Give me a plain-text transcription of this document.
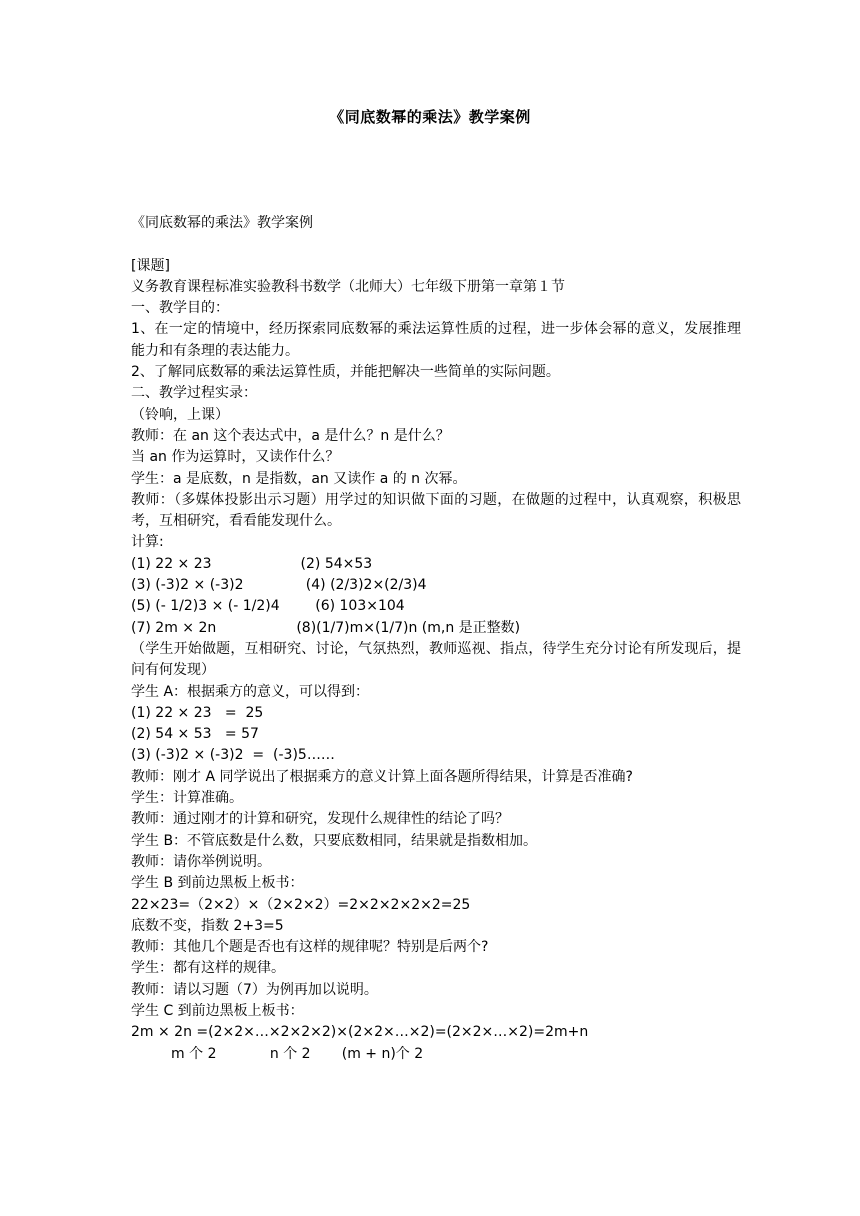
《同底数幂的乘法》教学案例
《同底数幂的乘法》教学案例
[课题]
义务教育课程标准实验教科书数学（北师大）七年级下册第一章第１节
一、教学目的：
1、在一定的情境中，经历探索同底数幂的乘法运算性质的过程，进一步体会幂的意义，发展推理能力和有条理的表达能力。
2、了解同底数幂的乘法运算性质，并能把解决一些简单的实际问题。
二、教学过程实录：
（铃响，上课）
教师：在 an 这个表达式中，a 是什么？n 是什么？
当 an 作为运算时，又读作什么？
学生：a 是底数，n 是指数，an 又读作 a 的 n 次幂。
教师：（多媒体投影出示习题）用学过的知识做下面的习题，在做题的过程中，认真观察，积极思考，互相研究，看看能发现什么。
计算:
(1) 22 × 23                    (2) 54×53
(3) (-3)2 × (-3)2              (4) (2/3)2×(2/3)4
(5) (- 1/2)3 × (- 1/2)4        (6) 103×104
(7) 2m × 2n                  (8)(1/7)m×(1/7)n (m,n 是正整数)
（学生开始做题，互相研究、讨论，气氛热烈，教师巡视、指点，待学生充分讨论有所发现后，提问有何发现）
学生 A：根据乘方的意义，可以得到：
(1) 22 × 23   =  25
(2) 54 × 53   = 57
(3) (-3)2 × (-3)2  =  (-3)5……
教师：刚才 A 同学说出了根据乘方的意义计算上面各题所得结果，计算是否准确?
学生：计算准确。
教师：通过刚才的计算和研究，发现什么规律性的结论了吗？
学生 B：不管底数是什么数，只要底数相同，结果就是指数相加。
教师：请你举例说明。
学生 B 到前边黑板上板书：
22×23=（2×2）×（2×2×2）=2×2×2×2×2=25
底数不变，指数 2+3=5
教师：其他几个题是否也有这样的规律呢？特别是后两个?
学生：都有这样的规律。
教师：请以习题（7）为例再加以说明。
学生 C 到前边黑板上板书：
2m × 2n =(2×2×…×2×2×2)×(2×2×…×2)=(2×2×…×2)=2m+n
m 个 2            n 个 2       (m + n)个 2
